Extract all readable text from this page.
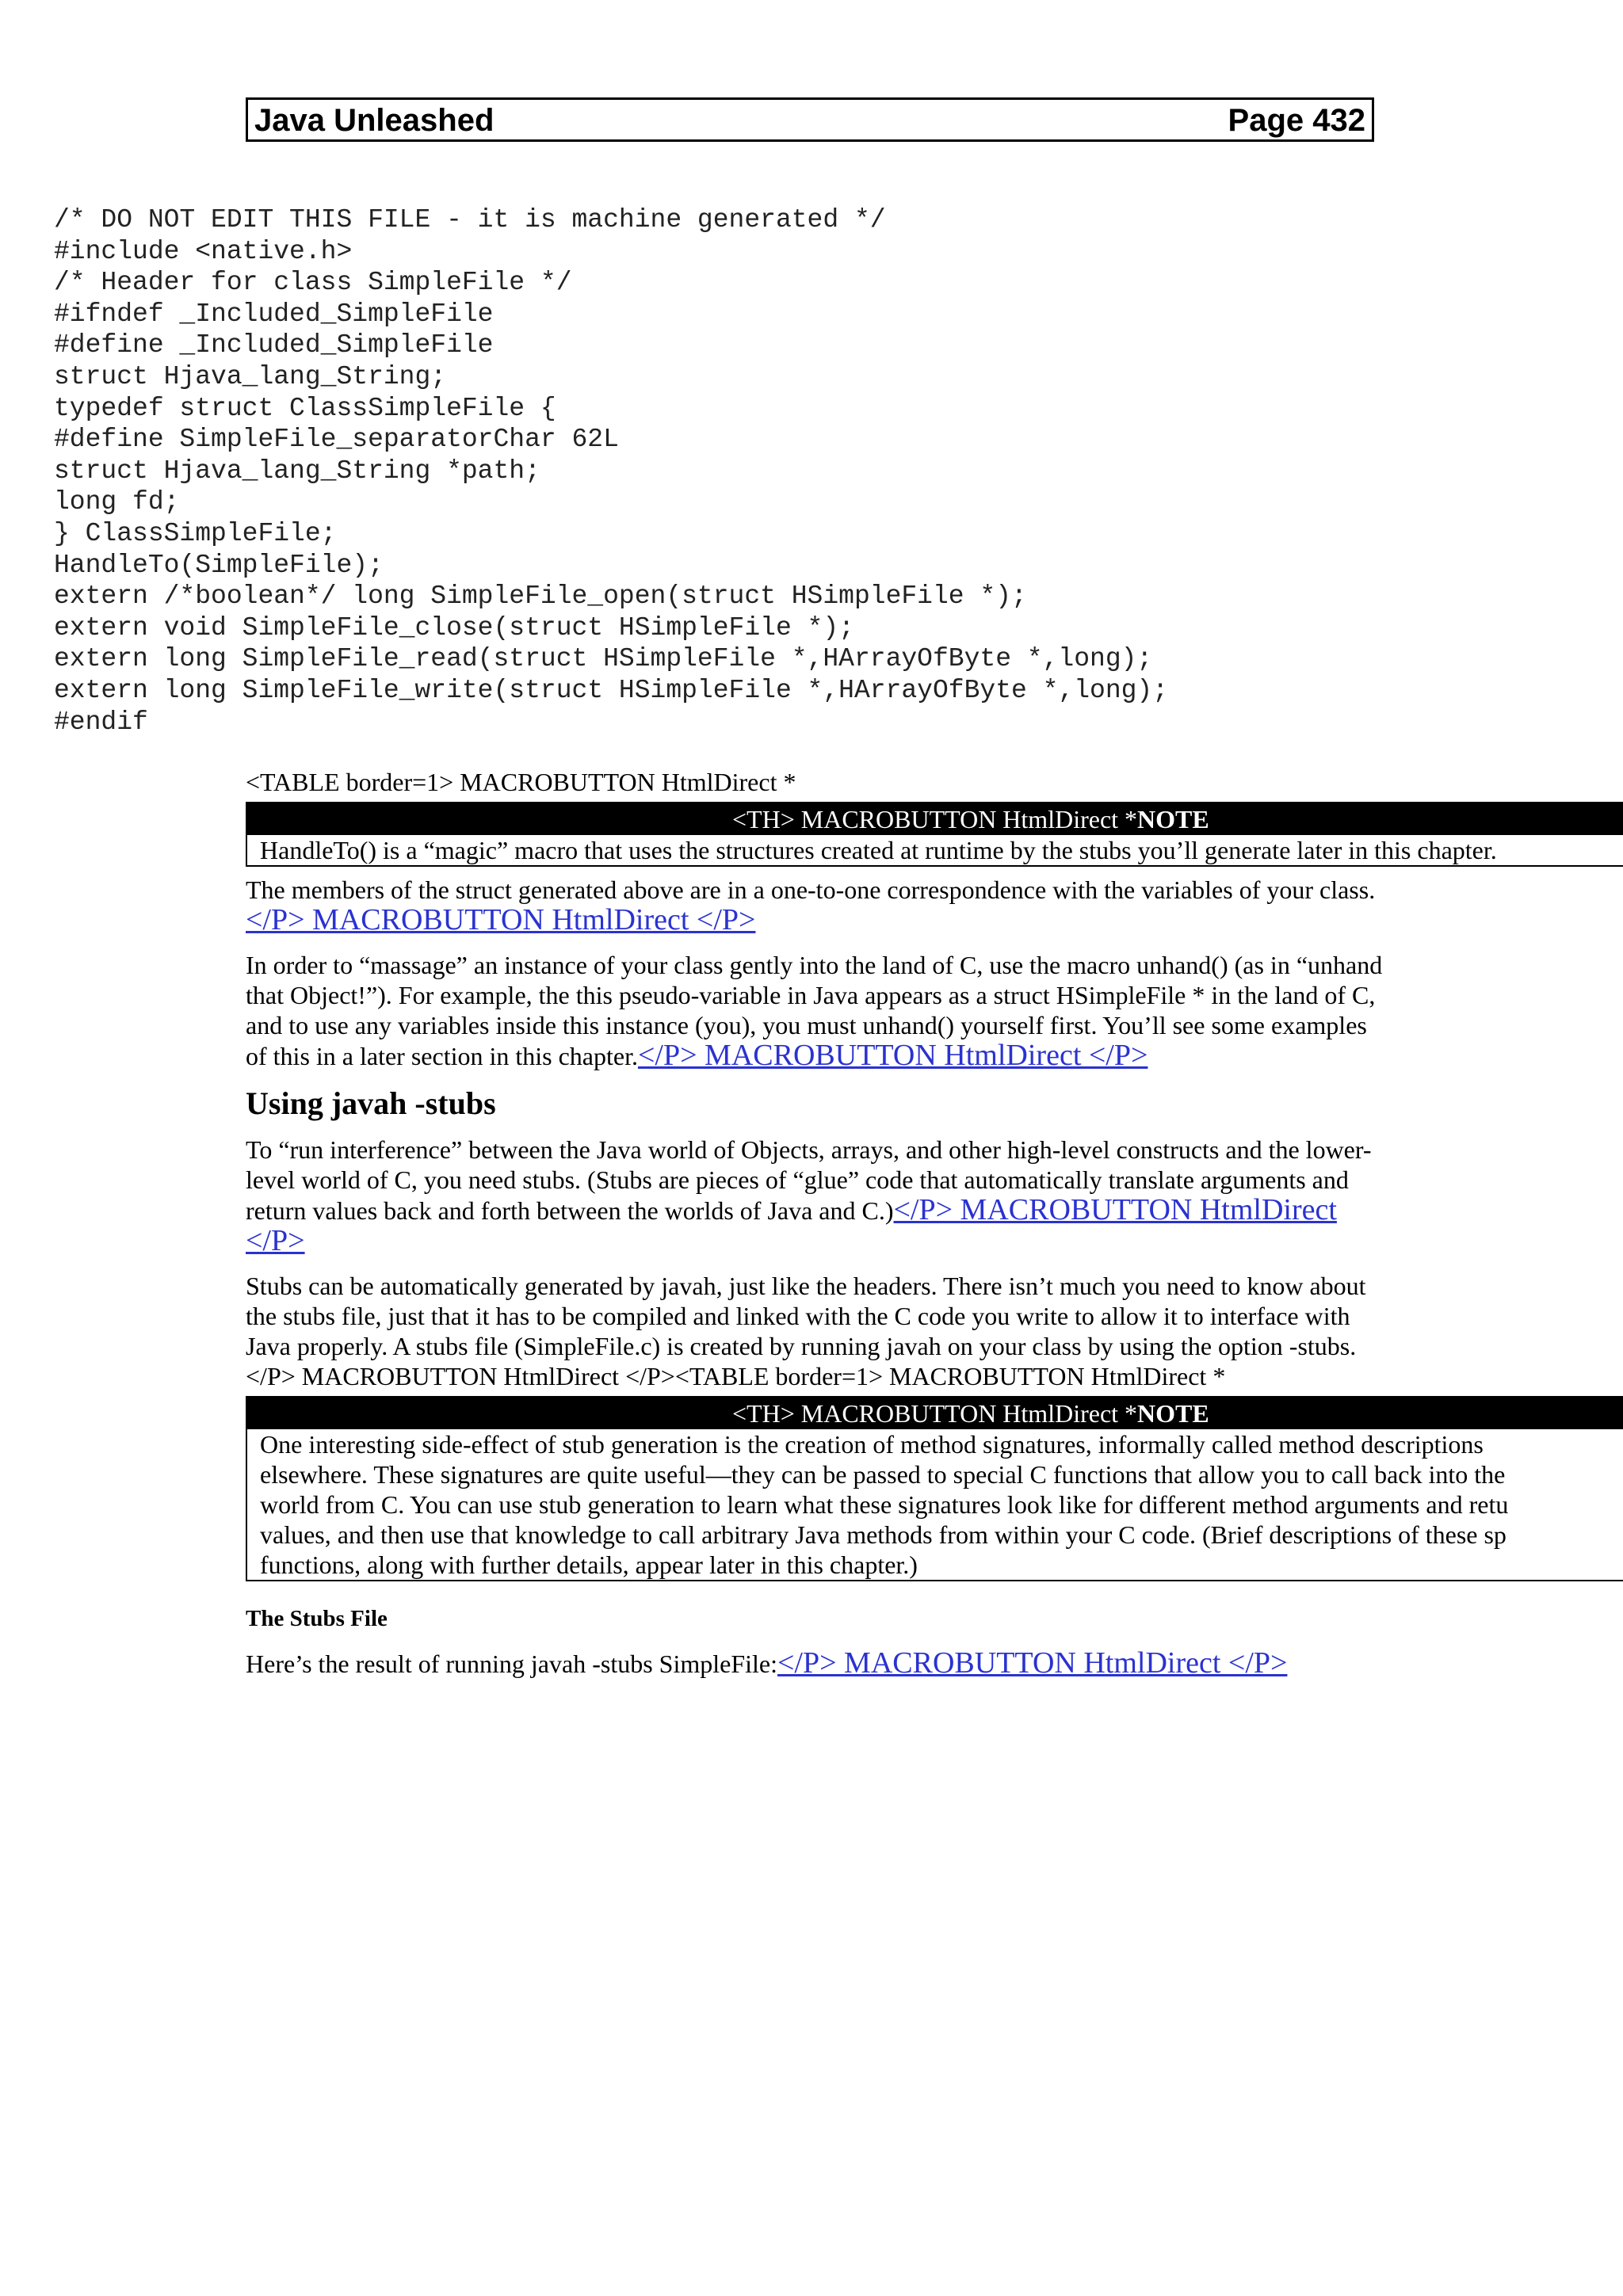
Java Unleashed	Page 432
/* DO NOT EDIT THIS FILE - it is machine generated */
#include <native.h>
/* Header for class SimpleFile */
#ifndef _Included_SimpleFile
#define _Included_SimpleFile
struct Hjava_lang_String;
typedef struct ClassSimpleFile {
#define SimpleFile_separatorChar 62L
struct Hjava_lang_String *path;
long fd;
} ClassSimpleFile;
HandleTo(SimpleFile);
extern /*boolean*/ long SimpleFile_open(struct HSimpleFile *);
extern void SimpleFile_close(struct HSimpleFile *);
extern long SimpleFile_read(struct HSimpleFile *,HArrayOfByte *,long);
extern long SimpleFile_write(struct HSimpleFile *,HArrayOfByte *,long);
#endif

<TABLE border=1> MACROBUTTON HtmlDirect *

<TH> MACROBUTTON HtmlDirect *NOTE

HandleTo() is a “magic” macro that uses the structures created at runtime by the stubs you’ll generate later in this chapter.

The members of the struct generated above are in a one-to-one correspondence with the variables of your class.</P> MACROBUTTON HtmlDirect </P>

In order to “massage” an instance of your class gently into the land of C, use the macro unhand() (as in “unhand that Object!”). For example, the this pseudo-variable in Java appears as a struct HSimpleFile * in the land of C, and to use any variables inside this instance (you), you must unhand() yourself first. You’ll see some examples of this in a later section in this chapter.</P> MACROBUTTON HtmlDirect </P>

Using javah -stubs

To “run interference” between the Java world of Objects, arrays, and other high-level constructs and the lower-level world of C, you need stubs. (Stubs are pieces of “glue” code that automatically translate arguments and return values back and forth between the worlds of Java and C.)</P> MACROBUTTON HtmlDirect </P>

Stubs can be automatically generated by javah, just like the headers. There isn’t much you need to know about the stubs file, just that it has to be compiled and linked with the C code you write to allow it to interface with Java properly. A stubs file (SimpleFile.c) is created by running javah on your class by using the option -stubs.</P> MACROBUTTON HtmlDirect </P><TABLE border=1> MACROBUTTON HtmlDirect *

<TH> MACROBUTTON HtmlDirect *NOTE

One interesting side-effect of stub generation is the creation of method signatures, informally called method descriptions
elsewhere. These signatures are quite useful—they can be passed to special C functions that allow you to call back into the
world from C. You can use stub generation to learn what these signatures look like for different method arguments and retu
values, and then use that knowledge to call arbitrary Java methods from within your C code. (Brief descriptions of these sp
functions, along with further details, appear later in this chapter.)
The Stubs File

Here’s the result of running javah -stubs SimpleFile:</P> MACROBUTTON HtmlDirect </P>
